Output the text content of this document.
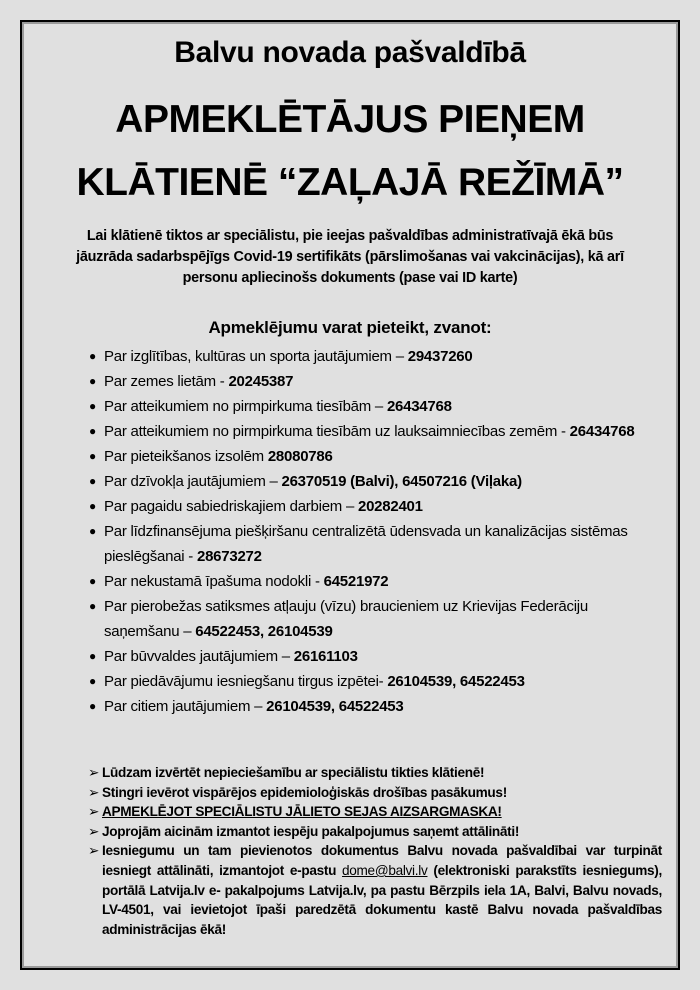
Balvu novada pašvaldībā
APMEKLĒTĀJUS PIEŅEM
KLĀTIENĒ “ZAĻAJĀ REŽĪMĀ”
Lai klātienē tiktos ar speciālistu, pie ieejas pašvaldības administratīvajā ēkā būs jāuzrāda sadarbspējīgs Covid-19 sertifikāts (pārslimošanas vai vakcinācijas), kā arī personu apliecinošs dokuments (pase vai ID karte)
Apmeklējumu varat pieteikt, zvanot:
● Par izglītības, kultūras un sporta jautājumiem – 29437260
● Par zemes lietām - 20245387
● Par atteikumiem no pirmpirkuma tiesībām – 26434768
● Par atteikumiem no pirmpirkuma tiesībām uz lauksaimniecības zemēm - 26434768
● Par pieteikšanos izsolēm 28080786
● Par dzīvokļa jautājumiem – 26370519 (Balvi), 64507216 (Viļaka)
● Par pagaidu sabiedriskajiem darbiem – 20282401
● Par līdzfinansējuma piešķiršanu centralizētā ūdensvada un kanalizācijas sistēmas pieslēgšanai - 28673272
● Par nekustamā īpašuma nodokli - 64521972
● Par pierobežas satiksmes atļauju (vīzu) braucieniem uz Krievijas Federāciju saņemšanu – 64522453, 26104539
● Par būvvaldes jautājumiem – 26161103
● Par piedāvājumu iesniegšanu tirgus izpētei- 26104539, 64522453
● Par citiem jautājumiem – 26104539, 64522453
➢ Lūdzam izvērtēt nepieciešamību ar speciālistu tikties klātienē!
➢ Stingri ievērot vispārējos epidemioloģiskās drošības pasākumus!
➢ APMEKLĒJOT SPECIĀLISTU JĀLIETO SEJAS AIZSARGMASKA!
➢ Joprojām aicinām izmantot iespēju pakalpojumus saņemt attālināti!
➢ Iesniegumu un tam pievienotos dokumentus Balvu novada pašvaldībai var turpināt iesniegt attālināti, izmantojot e-pastu dome@balvi.lv (elektroniski parakstīts iesniegums), portālā Latvija.lv e- pakalpojums Latvija.lv, pa pastu Bērzpils iela 1A, Balvi, Balvu novads, LV-4501, vai ievietojot īpaši paredzētā dokumentu kastē Balvu novada pašvaldības administrācijas ēkā!
